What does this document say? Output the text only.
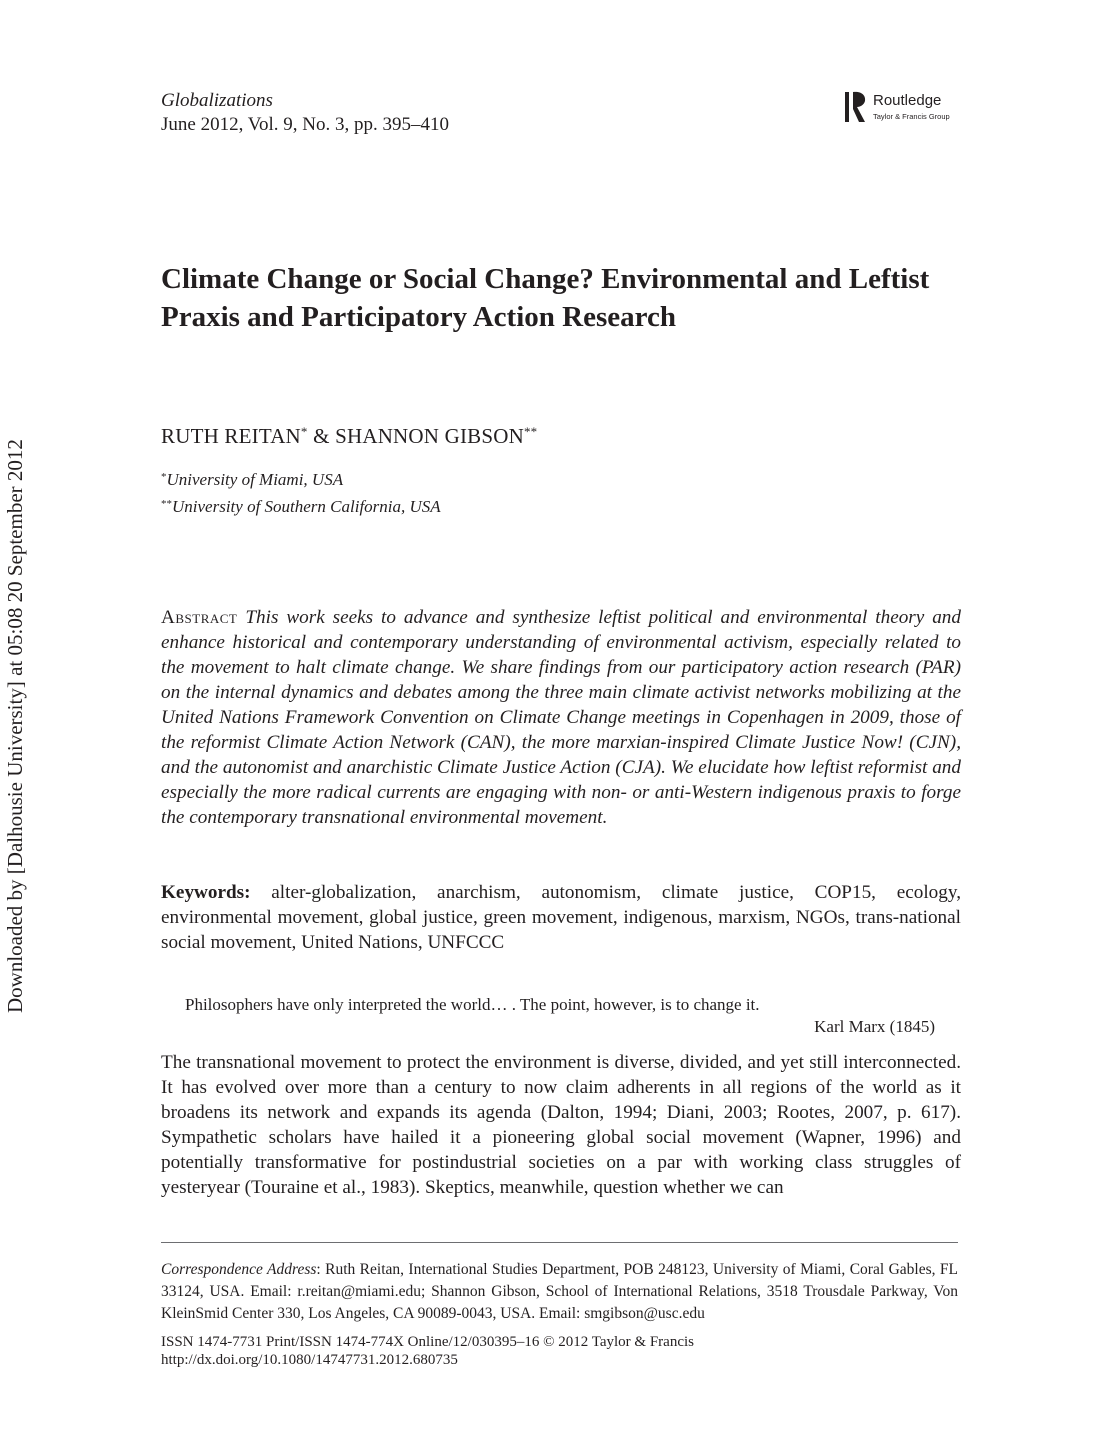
Downloaded by [Dalhousie University] at 05:08 20 September 2012
Globalizations
June 2012, Vol. 9, No. 3, pp. 395–410
Routledge
Taylor & Francis Group
Climate Change or Social Change? Environmental and Leftist Praxis and Participatory Action Research
RUTH REITAN* & SHANNON GIBSON**
*University of Miami, USA
**University of Southern California, USA
Abstract This work seeks to advance and synthesize leftist political and environmental theory and enhance historical and contemporary understanding of environmental activism, especially related to the movement to halt climate change. We share findings from our participatory action research (PAR) on the internal dynamics and debates among the three main climate activist networks mobilizing at the United Nations Framework Convention on Climate Change meetings in Copenhagen in 2009, those of the reformist Climate Action Network (CAN), the more marxian-inspired Climate Justice Now! (CJN), and the autonomist and anarchistic Climate Justice Action (CJA). We elucidate how leftist reformist and especially the more radical currents are engaging with non- or anti-Western indigenous praxis to forge the contemporary transnational environmental movement.
Keywords: alter-globalization, anarchism, autonomism, climate justice, COP15, ecology, environmental movement, global justice, green movement, indigenous, marxism, NGOs, trans-national social movement, United Nations, UNFCCC
Philosophers have only interpreted the world… . The point, however, is to change it.
Karl Marx (1845)
The transnational movement to protect the environment is diverse, divided, and yet still interconnected. It has evolved over more than a century to now claim adherents in all regions of the world as it broadens its network and expands its agenda (Dalton, 1994; Diani, 2003; Rootes, 2007, p. 617). Sympathetic scholars have hailed it a pioneering global social movement (Wapner, 1996) and potentially transformative for postindustrial societies on a par with working class struggles of yesteryear (Touraine et al., 1983). Skeptics, meanwhile, question whether we can
Correspondence Address: Ruth Reitan, International Studies Department, POB 248123, University of Miami, Coral Gables, FL 33124, USA. Email: r.reitan@miami.edu; Shannon Gibson, School of International Relations, 3518 Trousdale Parkway, Von KleinSmid Center 330, Los Angeles, CA 90089-0043, USA. Email: smgibson@usc.edu
ISSN 1474-7731 Print/ISSN 1474-774X Online/12/030395–16 © 2012 Taylor & Francis
http://dx.doi.org/10.1080/14747731.2012.680735
